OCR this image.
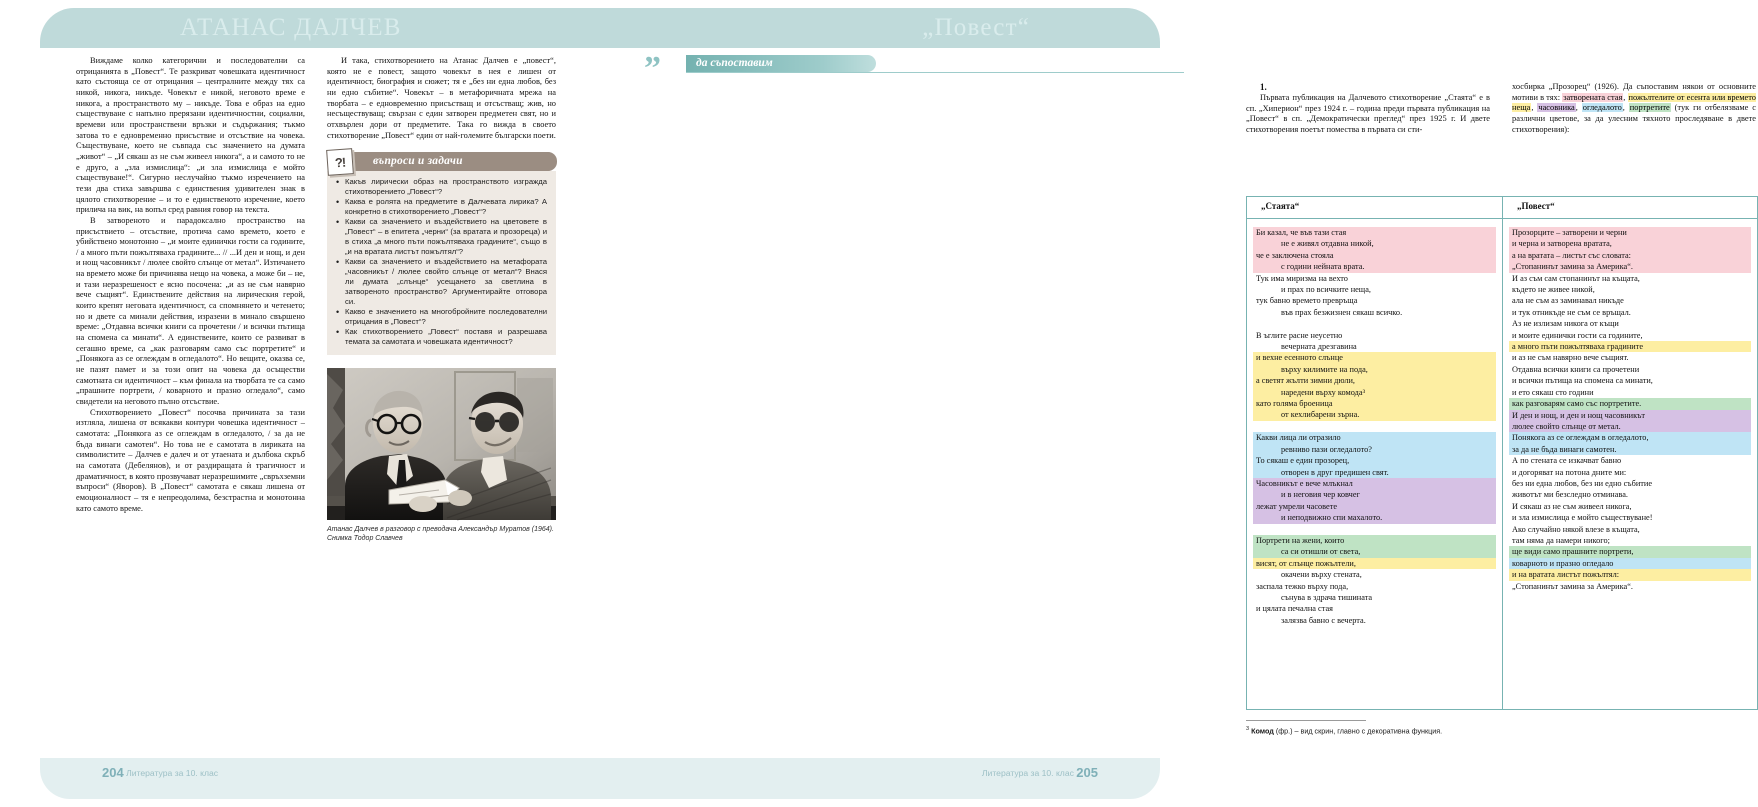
АТАНАС ДАЛЧЕВ

Виждаме колко категорични и последователни са отрицанията в „Повест“. Те разкриват човешката идентичност като състояща се от отрицания – централните между тях са никой, никога, никъде. Човекът е никой, неговото време е никога, а пространството му – никъде. Това е образ на едно съществуване с напълно прерязани идентичностни, социални, времеви или пространствени връзки и съдържания; тъкмо затова то е едновременно присъствие и отсъствие на човека. Съществуване, което не съвпада със значението на думата „живот“ – „И сякаш аз не съм живеел никога“, а и самото то не е друго, а „зла измислица“: „и зла измислица е мойто съществуване!“. Сигурно неслучайно тъкмо изречението на тези два стиха завършва с единствения удивителен знак в цялото стихотворение – и то е единственото изречение, което прилича на вик, на вопъл сред равния говор на текста.

В затвореното и парадоксално пространство на присъствието – отсъствие, протича само времето, което е убийствено монотонно – „и моите единички гости са годините, / а много пъти пожълтяваха градините... // ...И ден и нощ, и ден и нощ часовникът / люлее свойто слънце от метал“. Изтичането на времето може би причинява нещо на човека, а може би – не, и тази неразрешеност е ясно посочена: „и аз не съм навярно вече същият“. Единствените действия на лирическия герой, които крепят неговата идентичност, са спомнянето и четенето; но и двете са минали действия, изразени в минало свършено време: „Отдавна всички книги са прочетени / и всички пътища на спомена са минати“. А единствените, които се развиват в сегашно време, са „как разговарям само със портретите“ и „Понякога аз се оглеждам в огледалото“. Но вещите, оказва се, не пазят памет и за този опит на човека да осъществи самотната си идентичност – към финала на творбата те са само „прашните портрети, / коварното и празно огледало“, само свидетели на неговото пълно отсъствие.

Стихотворението „Повест“ посочва причината за тази изтляла, лишена от всякакви контури човешка идентичност – самотата: „Понякога аз се оглеждам в огледалото, / за да не бъда винаги самотен“. Но това не е самотата в лириката на символистите – Далчев е далеч и от утаената и дълбока скръб на самотата (Дебелянов), и от раздиращата ѝ трагичност и драматичност, в която прозвучават неразрешимите „свръхземни въпроси“ (Яворов). В „Повест“ самотата е сякаш лишена от емоционалност – тя е непреодолима, безстрастна и монотонна като самото време.

И така, стихотворението на Атанас Далчев е „повест“, която не е повест, защото човекът в нея е лишен от идентичност, биография и сюжет; тя е „без ни една любов, без ни едно събитие“. Човекът – в метафоричната мрежа на творбата – е едновременно присъстващ и отсъстващ; жив, но несъществуващ; свързан с един затворен предметен свят, но и отхвърлен дори от предметите. Така го вижда в своето стихотворение „Повест“ един от най-големите български поети.

?!	въпроси и задачи
• Какъв лирически образ на пространството изгражда стихотворението „Повест“?
• Каква е ролята на предметите в Далчевата лирика? А конкретно в стихотворението „Повест“?
• Какви са значението и въздействието на цветовете в „Повест“ – в епитета „черни“ (за вратата и прозореца) и в стиха „а много пъти пожълтяваха градините“, също в „и на вратата листът пожълтял“?
• Какви са значението и въздействието на метафората „часовникът / люлее свойто слънце от метал“? Внася ли думата „слънце“ усещането за светлина в затвореното пространство? Аргументирайте отговора си.
• Какво е значението на многобройните последователни отрицания в „Повест“?
• Как стихотворението „Повест“ поставя и разрешава темата за самотата и човешката идентичност?
Атанас Далчев в разговор с преводача Александър Муратов (1964). Снимка Тодор Славчев
204 Литература за 10. клас
„Повест“
”	да съпоставим
1.

Първата публикация на Далчевото стихотворение „Стаята“ е в сп. „Хиперион“ през 1924 г. – година преди първата публикация на „Повест“ в сп. „Демократически преглед“ през 1925 г. И двете стихотворения поетът помества в първата си сти-

хосбирка „Прозорец“ (1926). Да съпоставим някои от основните мотиви в тях: затворената стая, пожълтелите от есента или времето неща, часовника, огледалото, портретите (тук ги отбелязваме с различни цветове, за да улесним тяхното проследяване в двете стихотворения):

„Стаята“
Би казал, че във тази стая
не е живял отдавна никой,
че е заключена стояла
с години нейната врата.
Тук има миризма на вехто
и прах по всичките неща,
тук бавно времето превръща
във прах безжизнен сякаш всичко.

В ъглите расне неусетно
вечерната дрезгавина
и вехне есенното слънце
върху килимите на пода,
а светят жълти зимни дюли,
наредени върху комода³
като голяма броеница
от кехлибарени зърна.

Какви лица ли отразило
ревниво пази огледалото?
То сякаш е един прозорец,
отворен в друг предишен свят.
Часовникът е вече млъкнал
и в неговия чер ковчег
лежат умрели часовете
и неподвижно спи махалото.

Портрети на жени, които
са си отишли от света,
висят, от слънце пожълтели,
окачени върху стената,
заспала тежко върху пода,
сънува в здрача тишината
и цялата печална стая
залязва бавно с вечерта.
„Повест“
Прозорците – затворени и черни
и черна и затворена вратата,
а на вратата – листът със словата:
„Стопанинът замина за Америка“.
И аз съм сам стопанинът на къщата,
където не живее никой,
ала не съм аз заминавал никъде
и тук отникъде не съм се връщал.
Аз не излизам никога от къщи
и моите единички гости са годините,
а много пъти пожълтяваха градините
и аз не съм навярно вече същият.
Отдавна всички книги са прочетени
и всички пътища на спомена са минати,
и ето сякаш сто години
как разговарям само със портретите.
И ден и нощ, и ден и нощ часовникът
люлее свойто слънце от метал.
Понякога аз се оглеждам в огледалото,
за да не бъда винаги самотен.
А по стената се изкачват бавно
и догоряват на потона дните ми:
без ни една любов, без ни едно събитие
животът ми безследно отминава.
И сякаш аз не съм живеел никога,
и зла измислица е мойто съществуване!
Ако случайно някой влезе в къщата,
там няма да намери никого;
ще види само прашните портрети,
коварното и празно огледало
и на вратата листът пожълтял:
„Стопанинът замина за Америка“.
$^3$ Комод (фр.) – вид скрин, главно с декоративна функция.
Литература за 10. клас 205
